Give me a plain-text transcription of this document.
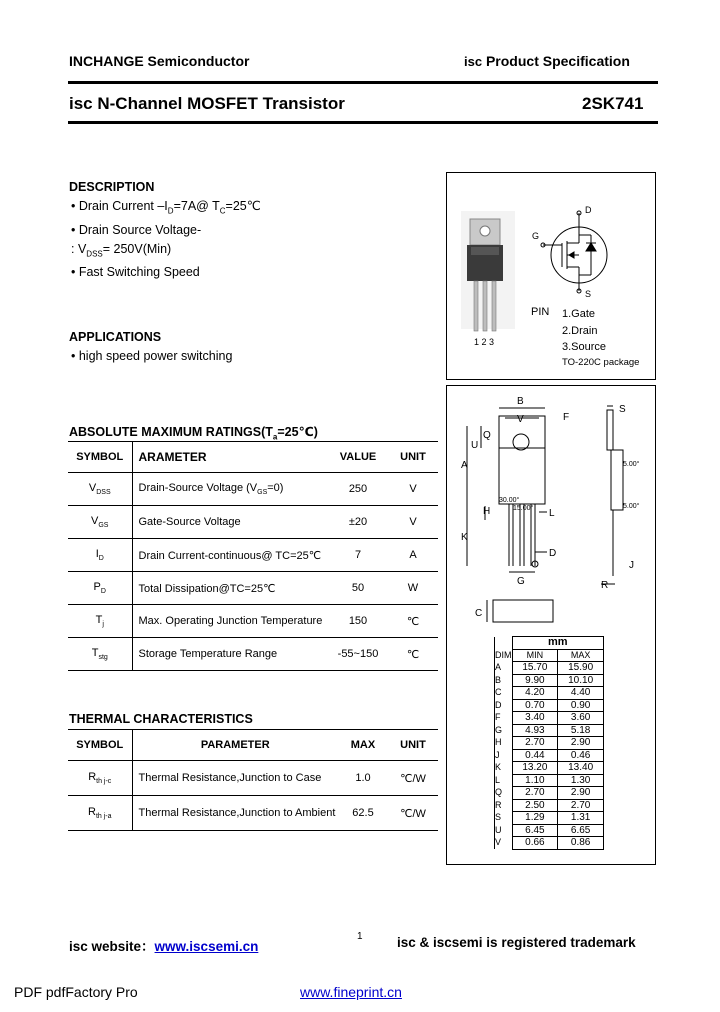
INCHANGE Semiconductor	isc Product Specification
isc N-Channel MOSFET Transistor	2SK741
DESCRIPTION
• Drain Current $-I_D=7A@$ $T_C=25℃$
• Drain Source Voltage-
: $V_{DSS}= 250V(Min)$
• Fast Switching Speed
APPLICATIONS
• high speed power switching
1 2 3
D
G
S
PIN 1.Gate
2.Drain
3.Source
TO-220C package
ABSOLUTE MAXIMUM $RATINGS(T_a=25℃)$
SYMBOL	ARAMETER	VALUE	UNIT
$V_{DSS}$	Drain-Source Voltage $(V_{GS}=0)$	250	V
$V_{GS}$	Gate-Source Voltage	±20	V
$I_D$	Drain Current-continuous@ TC=25℃	7	A
$P_D$	Total Dissipation@TC=25℃	50	W
$T_j$	Max. Operating Junction Temperature	150	℃
$T_{stg}$	Storage Temperature Range	-55~150	℃
THERMAL CHARACTERISTICS
SYMBOL	PARAMETER	MAX	UNIT
$R_{th j-c}$	Thermal Resistance,Junction to Case	1.0	℃/W
$R_{th j-a}$	Thermal Resistance,Junction to Ambient	62.5	℃/W
B
V	F
S
U
Q
A
H
K
L
D
G
J
R
30.00°
15.00°
5.00°
5.00°
C
	mm	
DIM	MIN	MAX
A	15.70	15.90
B	9.90	10.10
C	4.20	4.40
D	0.70	0.90
F	3.40	3.60
G	4.93	5.18
H	2.70	2.90
J	0.44	0.46
K	13.20	13.40
L	1.10	1.30
Q	2.70	2.90
R	2.50	2.70
S	1.29	1.31
U	6.45	6.65
V	0.66	0.86
isc website：www.iscsemi.cn
1	isc & iscsemi is registered trademark
PDF pdfFactory Pro	www.fineprint.cn
